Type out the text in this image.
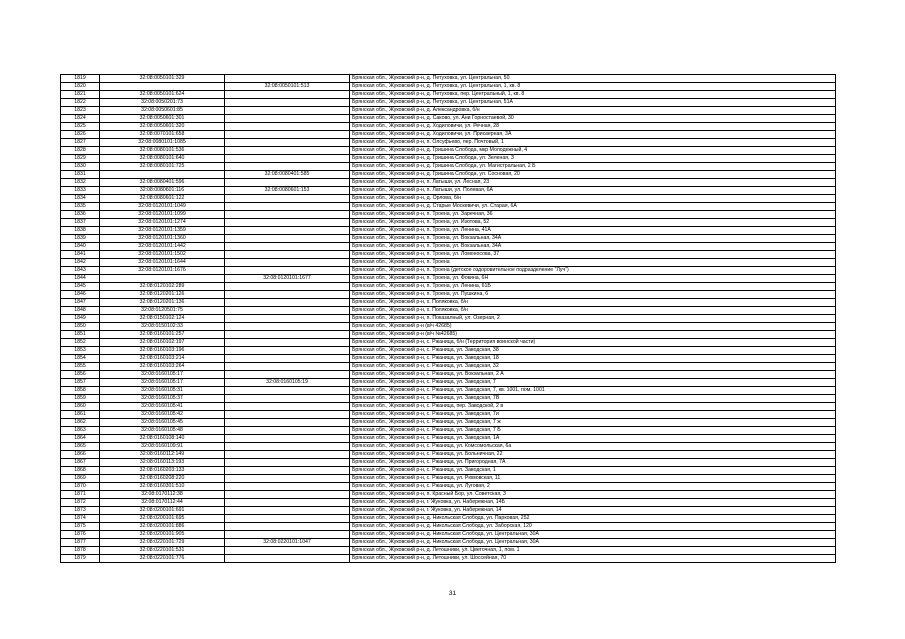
1819	32:08:0050101:329		Брянская обл., Жуковский р-н, д. Петуховка, ул. Центральная, 50
1820		32:08:0050101:513	Брянская обл., Жуковский р-н, д. Петуховка, ул. Центральная, 1, кв. 8
1821	32:08:0050101:624		Брянская обл., Жуковский р-н, д. Петуховка, пер. Центральный, 1, кв. 8
1822	32:08:0050201:73		Брянская обл., Жуковский р-н, д. Петуховка, ул. Центральная, 51А
1823	32:08:0050601:85		Брянская обл., Жуковский р-н, д. Александровка, б/н
1824	32:08:0050601:301		Брянская обл., Жуковский р-н, д. Саково, ул. Ани Горностаевой, 30
1825	32:08:0050601:320		Брянская обл., Жуковский р-н, д. Ходиловичи, ул. Речная, 28
1826	32:08:0070101:658		Брянская обл., Жуковский р-н, д. Ходиловичи, ул. Приозерная, 3А
1827	32:08:0080101:1085		Брянская обл., Жуковский р-н, п. Олсуфьево, пер. Почтовый, 1
1828	32:08:0080101:536		Брянская обл., Жуковский р-н, д. Гришина Слобода, мкр Молодежный, 4
1829	32:08:0080101:640		Брянская обл., Жуковский р-н, д. Гришина Слобода, ул. Зеленая, 3
1830	32:08:0080101:725		Брянская обл., Жуковский р-н, д. Гришина Слобода, ул. Магистральная, 2 Б
1831		32:08:0080401:585	Брянская обл., Жуковский р-н, д. Гришина Слобода, ул. Сосновая, 20
1832	32:08:0080401:596		Брянская обл., Жуковский р-н, п. Латыши, ул. Лесная, 23
1833	32:08:0080601:116	32:08:0080601:153	Брянская обл., Жуковский р-н, п. Латыши, ул. Полевая, 6А
1834	32:08:0080601:122		Брянская обл., Жуковский р-н, д. Орлова, б/н
1835	32:08:0120101:1049		Брянская обл., Жуковский р-н, д. Старые Москевичи, ул. Старая, 6А
1836	32:08:0120101:1099		Брянская обл., Жуковский р-н, п. Троена, ул. Заречная, 36
1837	32:08:0120101:1274		Брянская обл., Жуковский р-н, п. Троена, ул. Изотова, 52
1838	32:08:0120101:1359		Брянская обл., Жуковский р-н, п. Троена, ул. Ленина, 41А
1839	32:08:0120101:1360		Брянская обл., Жуковский р-н, п. Троена, ул. Вокзальная, 34А
1840	32:08:0120101:1442		Брянская обл., Жуковский р-н, п. Троена, ул. Вокзальная, 34А
1841	32:08:0120101:1502		Брянская обл., Жуковский р-н, п. Троена, ул. Ломоносова, 37
1842	32:08:0120101:1644		Брянская обл., Жуковский р-н, п. Троена
1843	32:08:0120101:1676		Брянская обл., Жуковский р-н, п. Троена (детское оздоровительное подразделение "Луч")
1844		32:08:0120101:1677	Брянская обл., Жуковский р-н, п. Троена, ул. Фокина, 6Н
1845	32:08:0120102:289		Брянская обл., Жуковский р-н, п. Троена, ул. Ленина, 61Б
1846	32:08:0120201:126		Брянская обл., Жуковский р-н, п. Троена, ул. Пушкина, 6
1847	32:08:0120201:136		Брянская обл., Жуковский р-н, х. Поляковка, б/н
1848	32:08:0120501:75		Брянская обл., Жуковский р-н, х. Поляковка, б/н
1849	32:08:0150102:124		Брянская обл., Жуковский р-н, п. Показалный, ул. Озерная, 2
1850	32:08:0150102:33		Брянская обл., Жуковский р-н (в/ч 42685)
1851	32:08:0160101:257		Брянская обл., Жуковский р-н (в/ч №42685)
1852	32:08:0160102:197		Брянская обл., Жуковский р-н, с. Ржаница, б/н (Территория воинской части)
1853	32:08:0160103:196		Брянская обл., Жуковский р-н, с. Ржаница, ул. Заводская, 38
1854	32:08:0160103:214		Брянская обл., Жуковский р-н, с. Ржаница, ул. Заводская, 18
1855	32:08:0160103:264		Брянская обл., Жуковский р-н, с. Ржаница, ул. Заводская, 32
1856	32:08:0160105:17		Брянская обл., Жуковский р-н, с. Ржаница, ул. Вокзальная, 2 А
1857	32:08:0160105:17	32:08:0160105:19	Брянская обл., Жуковский р-н, с. Ржаница, ул. Заводская, 7
1858	32:08:0160105:31		Брянская обл., Жуковский р-н, с. Ржаница, ул. Заводская, 7, кв. 1001, пом. 1001
1859	32:08:0160105:37		Брянская обл., Жуковский р-н, с. Ржаница, ул. Заводская, 7В
1860	32:08:0160105:41		Брянская обл., Жуковский р-н, с. Ржаница, пер. Заводской, 2 в
1861	32:08:0160105:42		Брянская обл., Жуковский р-н, с. Ржаница, ул. Заводская, 7и
1862	32:08:0160105:45		Брянская обл., Жуковский р-н, с. Ржаница, ул. Заводская, 7 ж
1863	32:08:0160105:48		Брянская обл., Жуковский р-н, с. Ржаница, ул. Заводская, 7 Б
1864	32:08:0160108:140		Брянская обл., Жуковский р-н, с. Ржаница, ул. Заводская, 1А
1865	32:08:0160109:91		Брянская обл., Жуковский р-н, с. Ржаница, ул. Комсомольская, 6а
1866	32:08:0160112:149		Брянская обл., Жуковский р-н, с. Ржаница, ул. Больничная, 22
1867	32:08:0160113:193		Брянская обл., Жуковский р-н, с. Ржаница, ул. Пригородная, 7А
1868	32:08:0160203:133		Брянская обл., Жуковский р-н, с. Ржаница, ул. Заводская, 1
1869	32:08:0160208:220		Брянская обл., Жуковский р-н, с. Ржаница, ул. Рюмовская, 11
1870	32:08:0160301:510		Брянская обл., Жуковский р-н, с. Ржаница, ул. Луговая, 2
1871	32:08:0170112:38		Брянская обл., Жуковский р-н, п. Красный Бор, ул. Советская, 3
1872	32:08:0170112:44		Брянская обл., Жуковский р-н, г. Жуковка, ул. Набережная, 14Б
1873	32:08:0200101:691		Брянская обл., Жуковский р-н, г. Жуковка, ул. Набережная, 14
1874	32:08:0200101:695		Брянская обл., Жуковский р-н, д. Никольская Слобода, ул. Парковая, 252
1875	32:08:0200101:886		Брянская обл., Жуковский р-н, д. Никольская Слобода, ул. Заборская, 120
1876	32:08:0200101:905		Брянская обл., Жуковский р-н, д. Никольская Слобода, ул. Центральная, 30А
1877	32:08:0220101:729	32:08:0220101:1047	Брянская обл., Жуковский р-н, д. Никольская Слобода, ул. Центральная, 30А
1878	32:08:0220101:531		Брянская обл., Жуковский р-н, д. Летошники, ул. Цветочная, 1, пом. 1
1879	32:08:0220101:776		Брянская обл., Жуковский р-н, д. Летошники, ул. Шоссейная, 70
31
